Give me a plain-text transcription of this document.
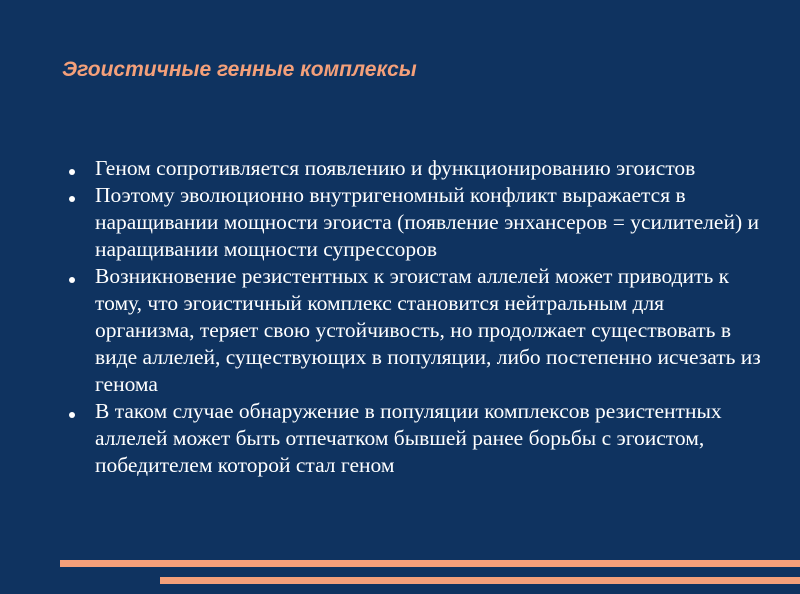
Эгоистичные генные комплексы
Геном сопротивляется появлению и функционированию эгоистов
Поэтому эволюционно внутригеномный конфликт выражается в наращивании мощности эгоиста (появление энхансеров = усилителей) и наращивании мощности супрессоров
Возникновение резистентных к эгоистам аллелей может приводить к тому, что эгоистичный комплекс становится нейтральным для организма, теряет свою устойчивость, но продолжает существовать в виде аллелей, существующих в популяции, либо постепенно исчезать из генома
В таком случае обнаружение в популяции комплексов резистентных аллелей может быть отпечатком бывшей ранее борьбы с эгоистом, победителем которой стал геном
